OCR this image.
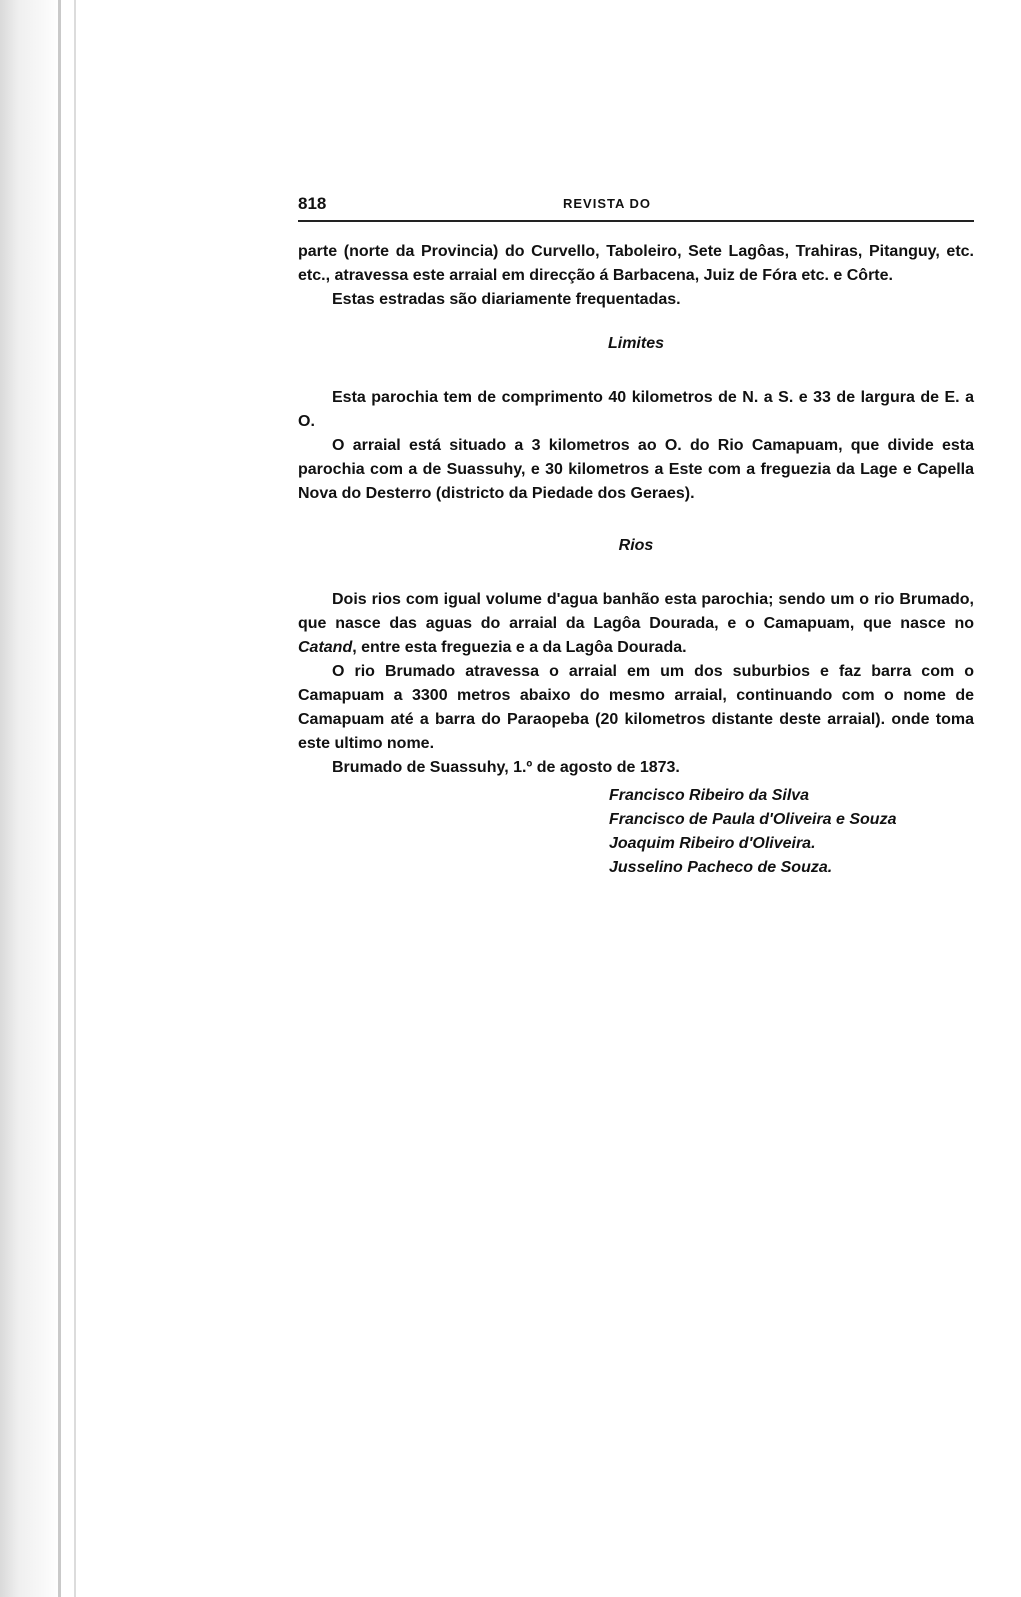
818	REVISTA DO

parte (norte da Provincia) do Curvello, Taboleiro, Sete Lagôas, Trahiras, Pitanguy, etc. etc., atravessa este arraial em direcção á Barbacena, Juiz de Fóra etc. e Côrte.

Estas estradas são diariamente frequentadas.

Limites

Esta parochia tem de comprimento 40 kilometros de N. a S. e 33 de largura de E. a O.

O arraial está situado a 3 kilometros ao O. do Rio Camapuam, que divide esta parochia com a de Suassuhy, e 30 kilometros a Este com a freguezia da Lage e Capella Nova do Desterro (districto da Piedade dos Geraes).

Rios

Dois rios com igual volume d'agua banhão esta parochia; sendo um o rio Brumado, que nasce das aguas do arraial da Lagôa Dourada, e o Camapuam, que nasce no Catand, entre esta freguezia e a da Lagôa Dourada.

O rio Brumado atravessa o arraial em um dos suburbios e faz barra com o Camapuam a 3300 metros abaixo do mesmo arraial, continuando com o nome de Camapuam até a barra do Paraopeba (20 kilometros distante deste arraial). onde toma este ultimo nome.

Brumado de Suassuhy, 1.º de agosto de 1873.

Francisco Ribeiro da Silva
Francisco de Paula d'Oliveira e Souza
Joaquim Ribeiro d'Oliveira.
Jusselino Pacheco de Souza.
